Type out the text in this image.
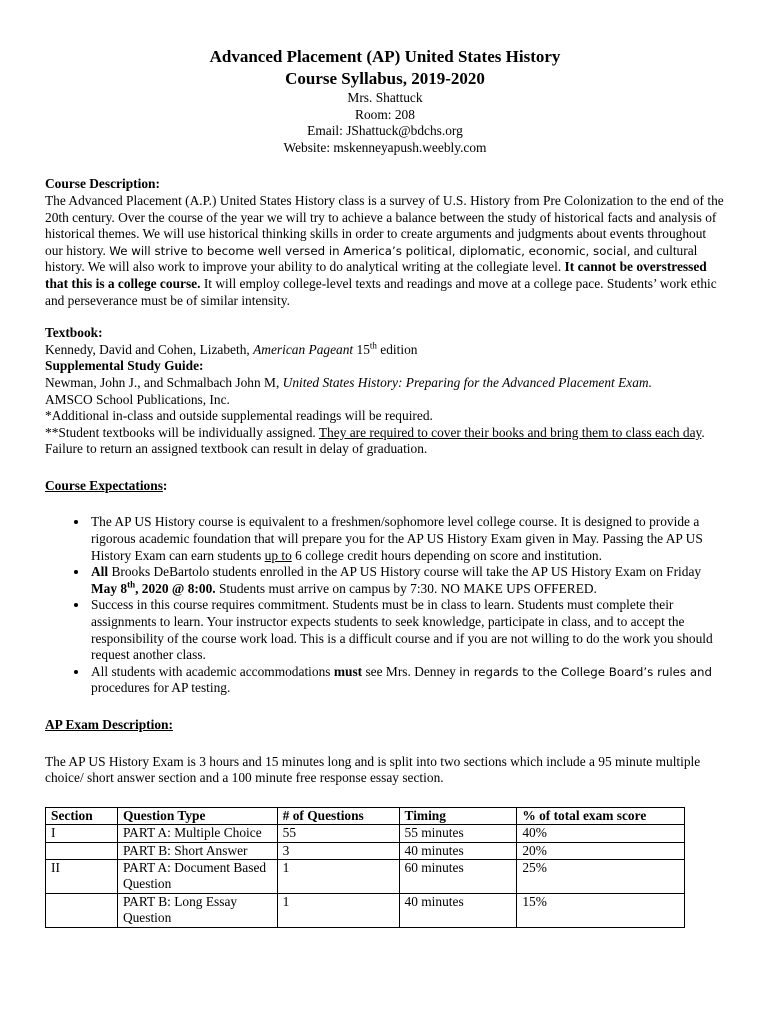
Advanced Placement (AP) United States History

Course Syllabus, 2019-2020

Mrs. Shattuck

Room: 208

Email: JShattuck@bdchs.org

Website: mskenneyapush.weebly.com

Course Description:

The Advanced Placement (A.P.) United States History class is a survey of U.S. History from Pre Colonization to the end of the 20th century. Over the course of the year we will try to achieve a balance between the study of historical facts and analysis of historical themes. We will use historical thinking skills in order to create arguments and judgments about events throughout our history. We will strive to become well versed in America’s political, diplomatic, economic, social, and cultural history. We will also work to improve your ability to do analytical writing at the collegiate level. It cannot be overstressed that this is a college course. It will employ college-level texts and readings and move at a college pace. Students’ work ethic and perseverance must be of similar intensity.

Textbook:

Kennedy, David and Cohen, Lizabeth, American Pageant 15th edition

Supplemental Study Guide:

Newman, John J., and Schmalbach John M, United States History: Preparing for the Advanced Placement Exam.

AMSCO School Publications, Inc.

*Additional in-class and outside supplemental readings will be required.

**Student textbooks will be individually assigned. They are required to cover their books and bring them to class each day. Failure to return an assigned textbook can result in delay of graduation.

Course Expectations:

• The AP US History course is equivalent to a freshmen/sophomore level college course. It is designed to provide a rigorous academic foundation that will prepare you for the AP US History Exam given in May. Passing the AP US History Exam can earn students up to 6 college credit hours depending on score and institution.
• All Brooks DeBartolo students enrolled in the AP US History course will take the AP US History Exam on Friday May 8th, 2020 @ 8:00. Students must arrive on campus by 7:30. NO MAKE UPS OFFERED.
• Success in this course requires commitment. Students must be in class to learn. Students must complete their assignments to learn. Your instructor expects students to seek knowledge, participate in class, and to accept the responsibility of the course work load. This is a difficult course and if you are not willing to do the work you should request another class.
• All students with academic accommodations must see Mrs. Denney in regards to the College Board’s rules and procedures for AP testing.

AP Exam Description:

The AP US History Exam is 3 hours and 15 minutes long and is split into two sections which include a 95 minute multiple choice/ short answer section and a 100 minute free response essay section.

Section	Question Type	# of Questions	Timing	% of total exam score
I	PART A: Multiple Choice	55	55 minutes	40%
	PART B: Short Answer	3	40 minutes	20%
II	PART A: Document Based Question	1	60 minutes	25%
	PART B: Long Essay Question	1	40 minutes	15%
